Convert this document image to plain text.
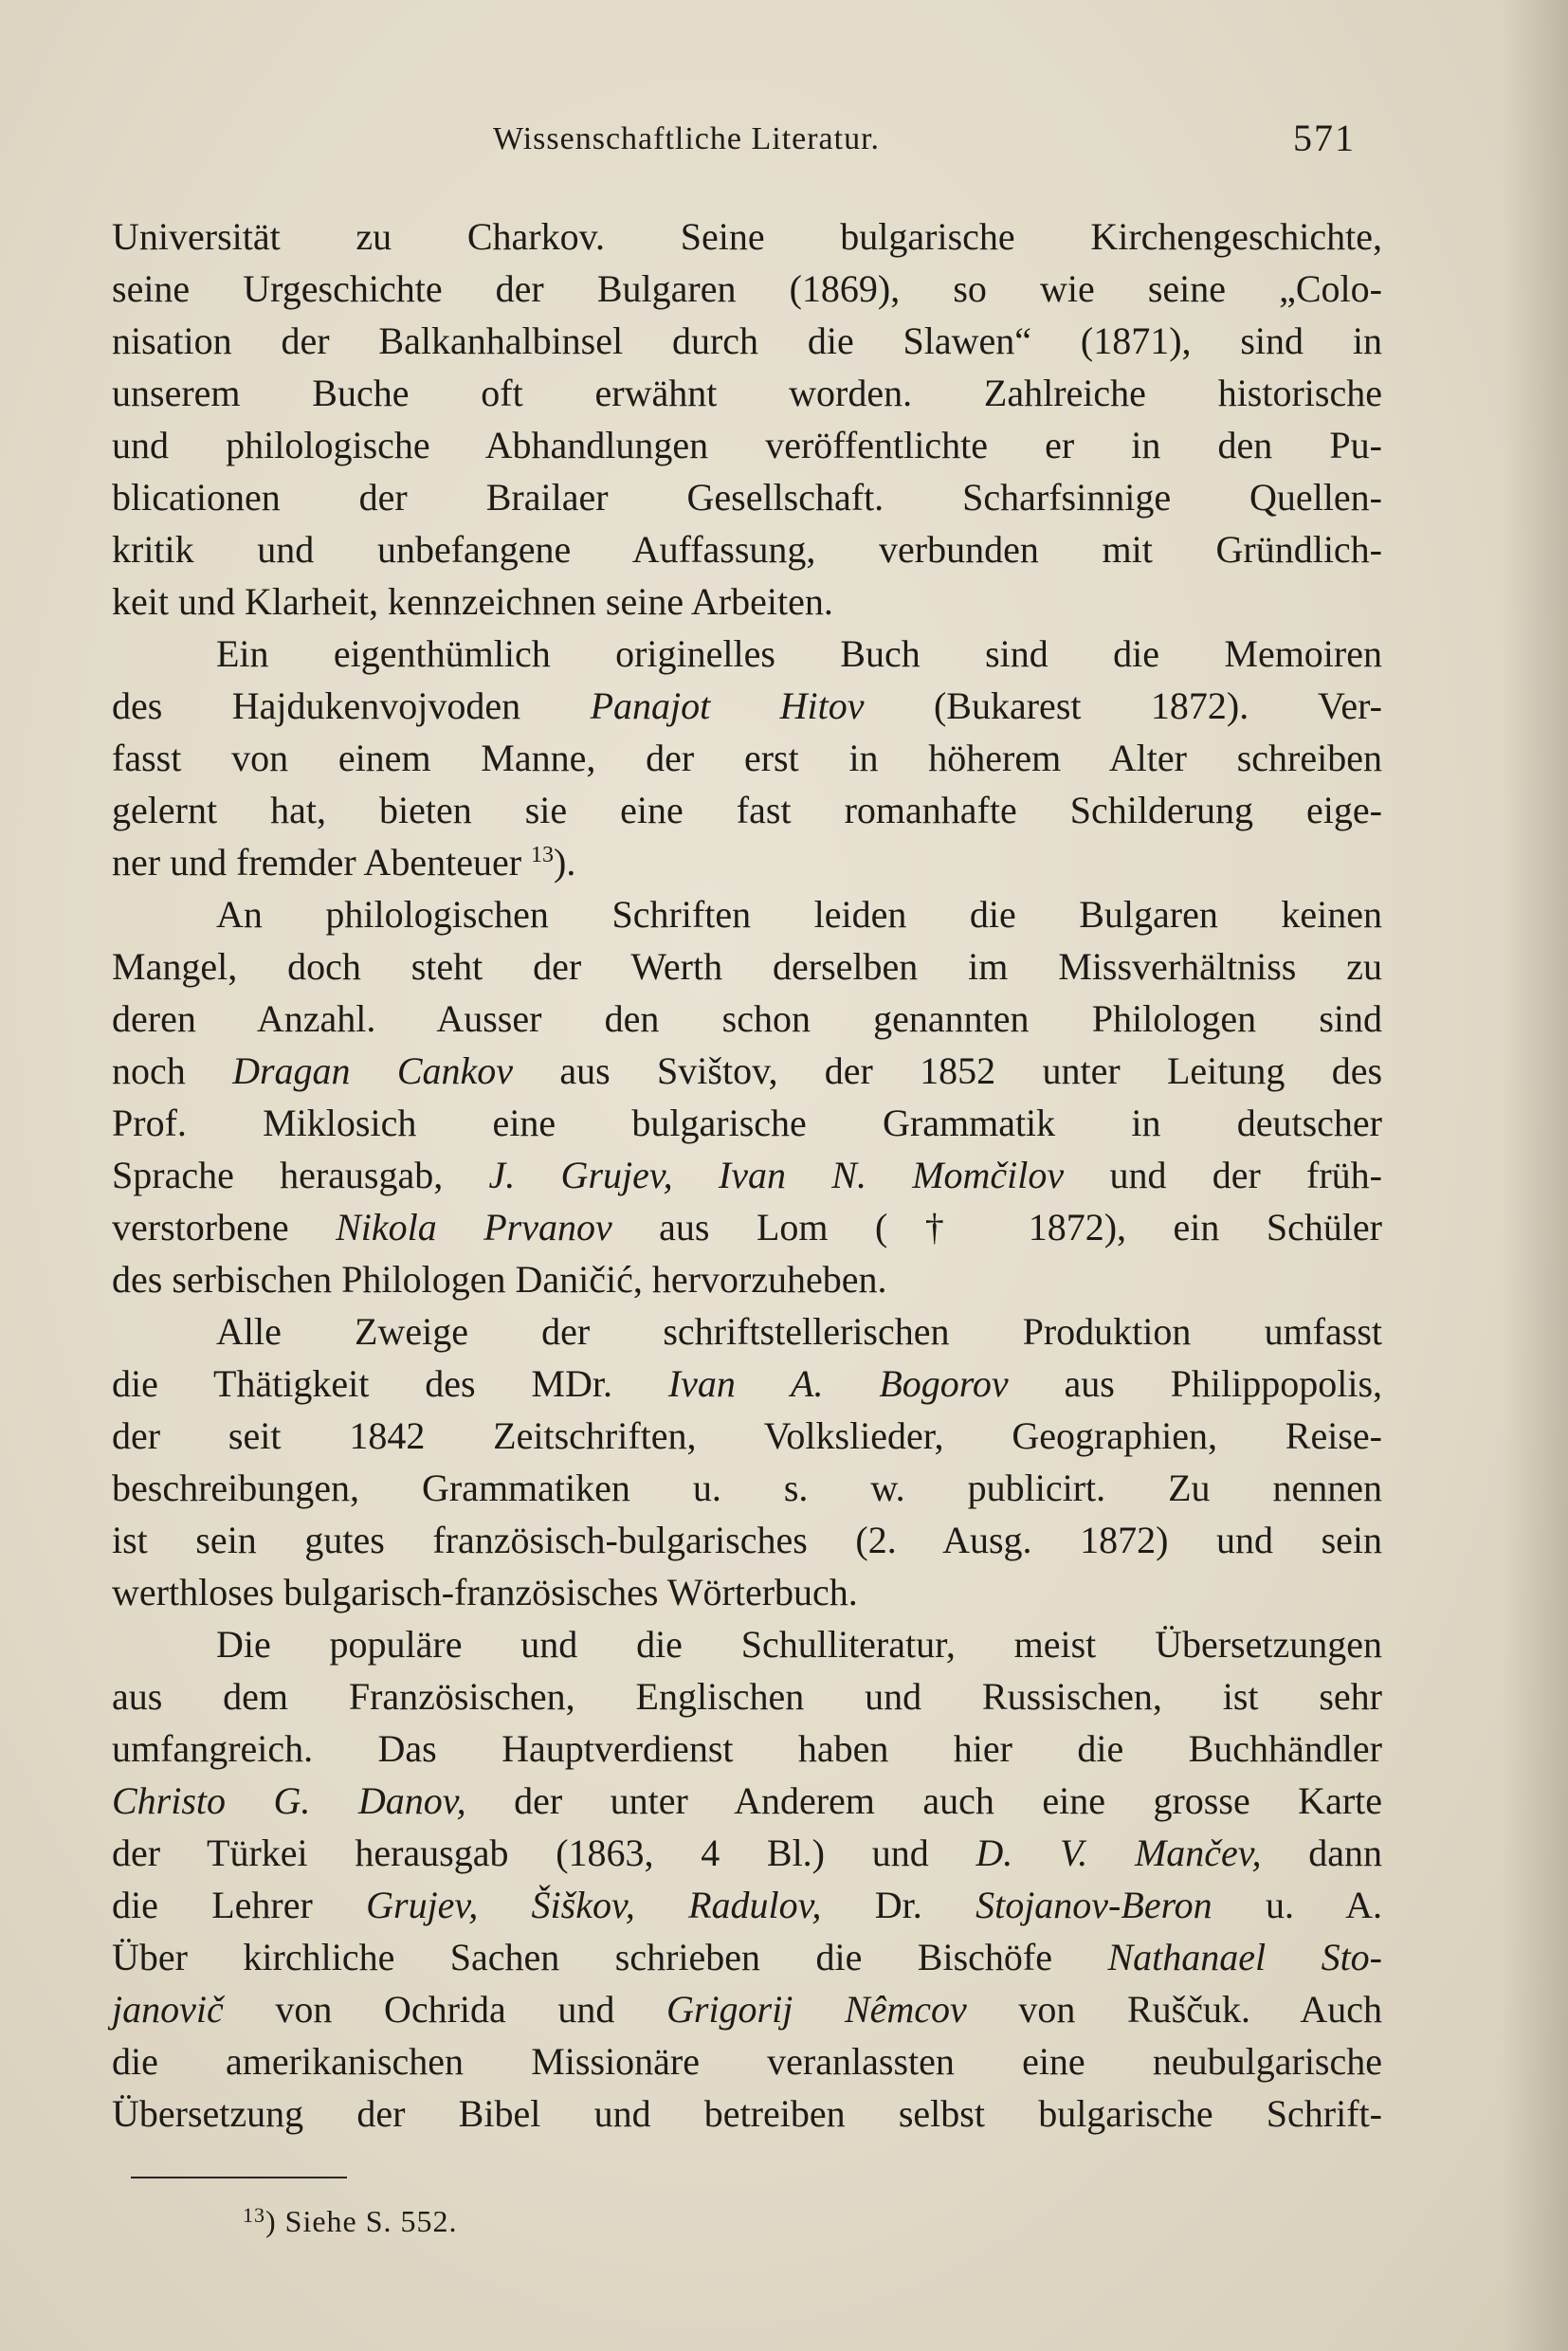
Wissenschaftliche Literatur.	571
Universität zu Charkov. Seine bulgarische Kirchengeschichte,
seine Urgeschichte der Bulgaren (1869), so wie seine „Colo-
nisation der Balkanhalbinsel durch die Slawen“ (1871), sind in
unserem Buche oft erwähnt worden. Zahlreiche historische
und philologische Abhandlungen veröffentlichte er in den Pu-
blicationen der Brailaer Gesellschaft. Scharfsinnige Quellen-
kritik und unbefangene Auffassung, verbunden mit Gründlich-
keit und Klarheit, kennzeichnen seine Arbeiten.
Ein eigenthümlich originelles Buch sind die Memoiren
des Hajdukenvojvoden Panajot Hitov (Bukarest 1872). Ver-
fasst von einem Manne, der erst in höherem Alter schreiben
gelernt hat, bieten sie eine fast romanhafte Schilderung eige-
ner und fremder Abenteuer $^{13}$).
An philologischen Schriften leiden die Bulgaren keinen
Mangel, doch steht der Werth derselben im Missverhältniss zu
deren Anzahl. Ausser den schon genannten Philologen sind
noch Dragan Cankov aus Svištov, der 1852 unter Leitung des
Prof. Miklosich eine bulgarische Grammatik in deutscher
Sprache herausgab, J. Grujev, Ivan N. Momčilov und der früh-
verstorbene Nikola Prvanov aus Lom († 1872), ein Schüler
des serbischen Philologen Daničić, hervorzuheben.
Alle Zweige der schriftstellerischen Produktion umfasst
die Thätigkeit des MDr. Ivan A. Bogorov aus Philippopolis,
der seit 1842 Zeitschriften, Volkslieder, Geographien, Reise-
beschreibungen, Grammatiken u. s. w. publicirt. Zu nennen
ist sein gutes französisch-bulgarisches (2. Ausg. 1872) und sein
werthloses bulgarisch-französisches Wörterbuch.
Die populäre und die Schulliteratur, meist Übersetzungen
aus dem Französischen, Englischen und Russischen, ist sehr
umfangreich. Das Hauptverdienst haben hier die Buchhändler
Christo G. Danov, der unter Anderem auch eine grosse Karte
der Türkei herausgab (1863, 4 Bl.) und D. V. Mančev, dann
die Lehrer Grujev, Šiškov, Radulov, Dr. Stojanov-Beron u. A.
Über kirchliche Sachen schrieben die Bischöfe Nathanael Sto-
janovič von Ochrida und Grigorij Nêmcov von Ruščuk. Auch
die amerikanischen Missionäre veranlassten eine neubulgarische
Übersetzung der Bibel und betreiben selbst bulgarische Schrift-
$^{13}$) Siehe S. 552.
